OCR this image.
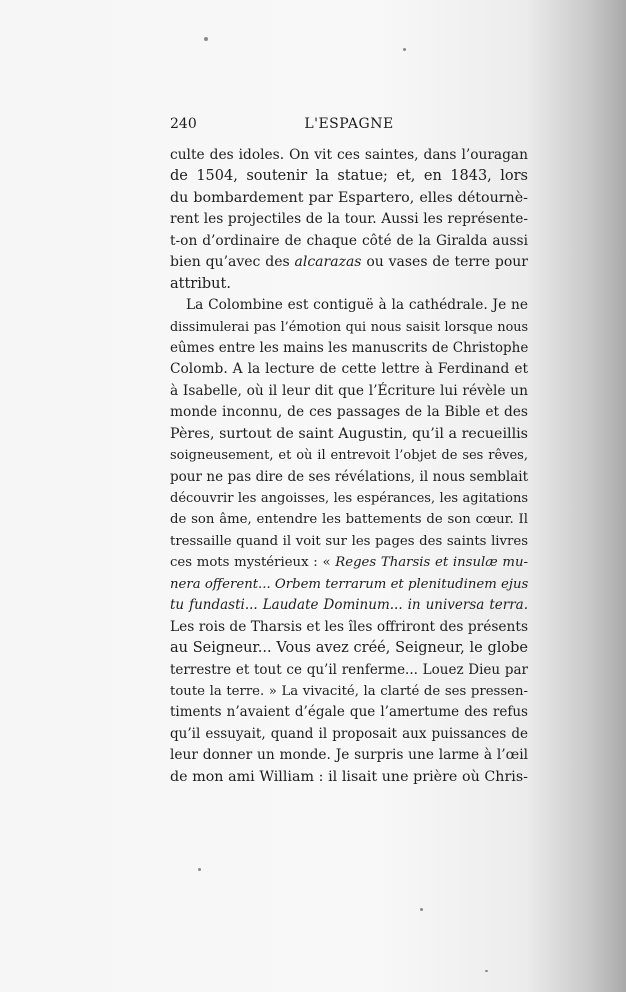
240	L'ESPAGNE
culte des idoles. On vit ces saintes, dans l’ouragan
de 1504, soutenir la statue; et, en 1843, lors
du bombardement par Espartero, elles détournè-
rent les projectiles de la tour. Aussi les représente-
t-on d’ordinaire de chaque côté de la Giralda aussi
bien qu’avec des alcarazas ou vases de terre pour
attribut.
La Colombine est contiguë à la cathédrale. Je ne
dissimulerai pas l’émotion qui nous saisit lorsque nous
eûmes entre les mains les manuscrits de Christophe
Colomb. A la lecture de cette lettre à Ferdinand et
à Isabelle, où il leur dit que l’Écriture lui révèle un
monde inconnu, de ces passages de la Bible et des
Pères, surtout de saint Augustin, qu’il a recueillis
soigneusement, et où il entrevoit l’objet de ses rêves,
pour ne pas dire de ses révélations, il nous semblait
découvrir les angoisses, les espérances, les agitations
de son âme, entendre les battements de son cœur. Il
tressaille quand il voit sur les pages des saints livres
ces mots mystérieux : « Reges Tharsis et insulæ mu-
nera offerent... Orbem terrarum et plenitudinem ejus
tu fundasti... Laudate Dominum... in universa terra.
Les rois de Tharsis et les îles offriront des présents
au Seigneur... Vous avez créé, Seigneur, le globe
terrestre et tout ce qu’il renferme... Louez Dieu par
toute la terre. » La vivacité, la clarté de ses pressen-
timents n’avaient d’égale que l’amertume des refus
qu’il essuyait, quand il proposait aux puissances de
leur donner un monde. Je surpris une larme à l’œil
de mon ami William : il lisait une prière où Chris-
